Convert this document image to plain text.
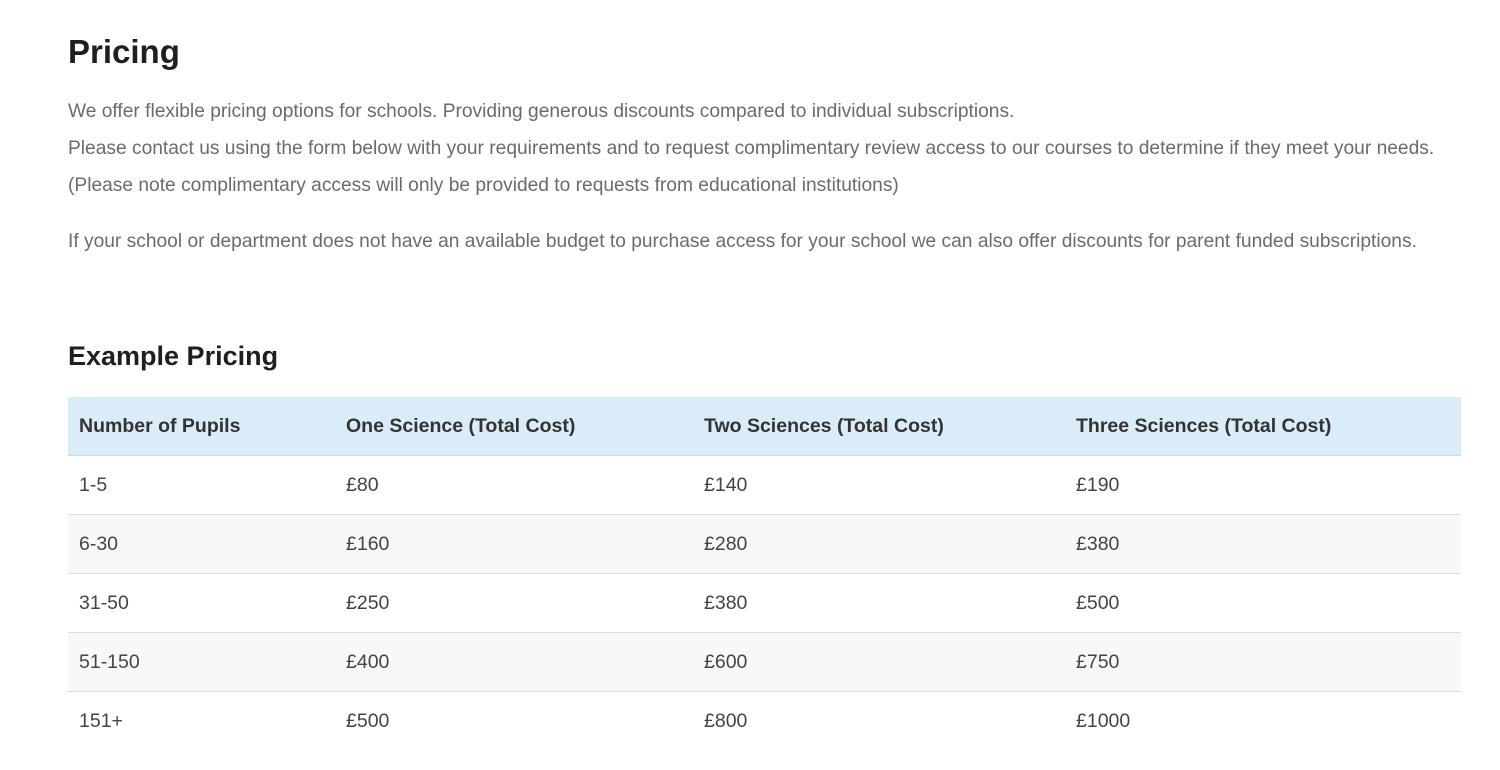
Pricing

We offer flexible pricing options for schools. Providing generous discounts compared to individual subscriptions.

Please contact us using the form below with your requirements and to request complimentary review access to our courses to determine if they meet your needs. (Please note complimentary access will only be provided to requests from educational institutions)

If your school or department does not have an available budget to purchase access for your school we can also offer discounts for parent funded subscriptions.

Example Pricing
Number of Pupils	One Science (Total Cost)	Two Sciences (Total Cost)	Three Sciences (Total Cost)
1-5	£80	£140	£190
6-30	£160	£280	£380
31-50	£250	£380	£500
51-150	£400	£600	£750
151+	£500	£800	£1000
